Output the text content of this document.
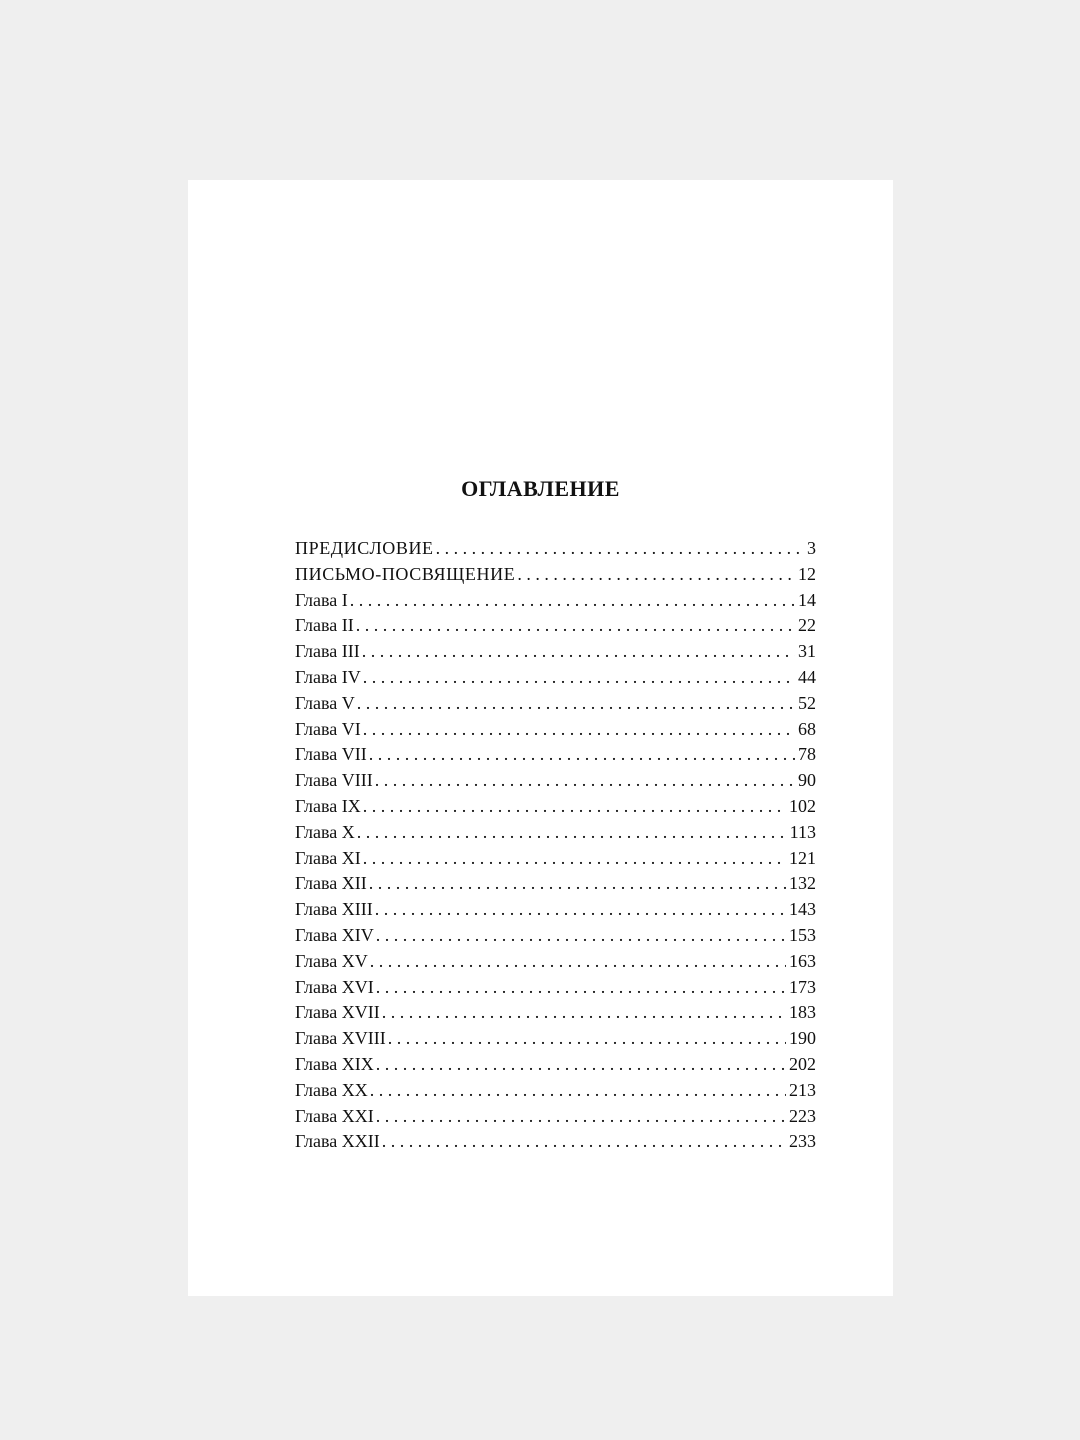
ОГЛАВЛЕНИЕ
ПРЕДИСЛОВИЕ . . .	3
ПИСЬМО-ПОСВЯЩЕНИЕ . . .	12
Глава I . . .	14
Глава II . . .	22
Глава III . . .	31
Глава IV . . .	44
Глава V . . .	52
Глава VI . . .	68
Глава VII . . .	78
Глава VIII . . .	90
Глава IX . . .	102
Глава X . . .	113
Глава XI . . .	121
Глава XII . . .	132
Глава XIII . . .	143
Глава XIV . . .	153
Глава XV . . .	163
Глава XVI . . .	173
Глава XVII . . .	183
Глава XVIII . . .	190
Глава XIX . . .	202
Глава XX . . .	213
Глава XXI . . .	223
Глава XXII . . .	233
